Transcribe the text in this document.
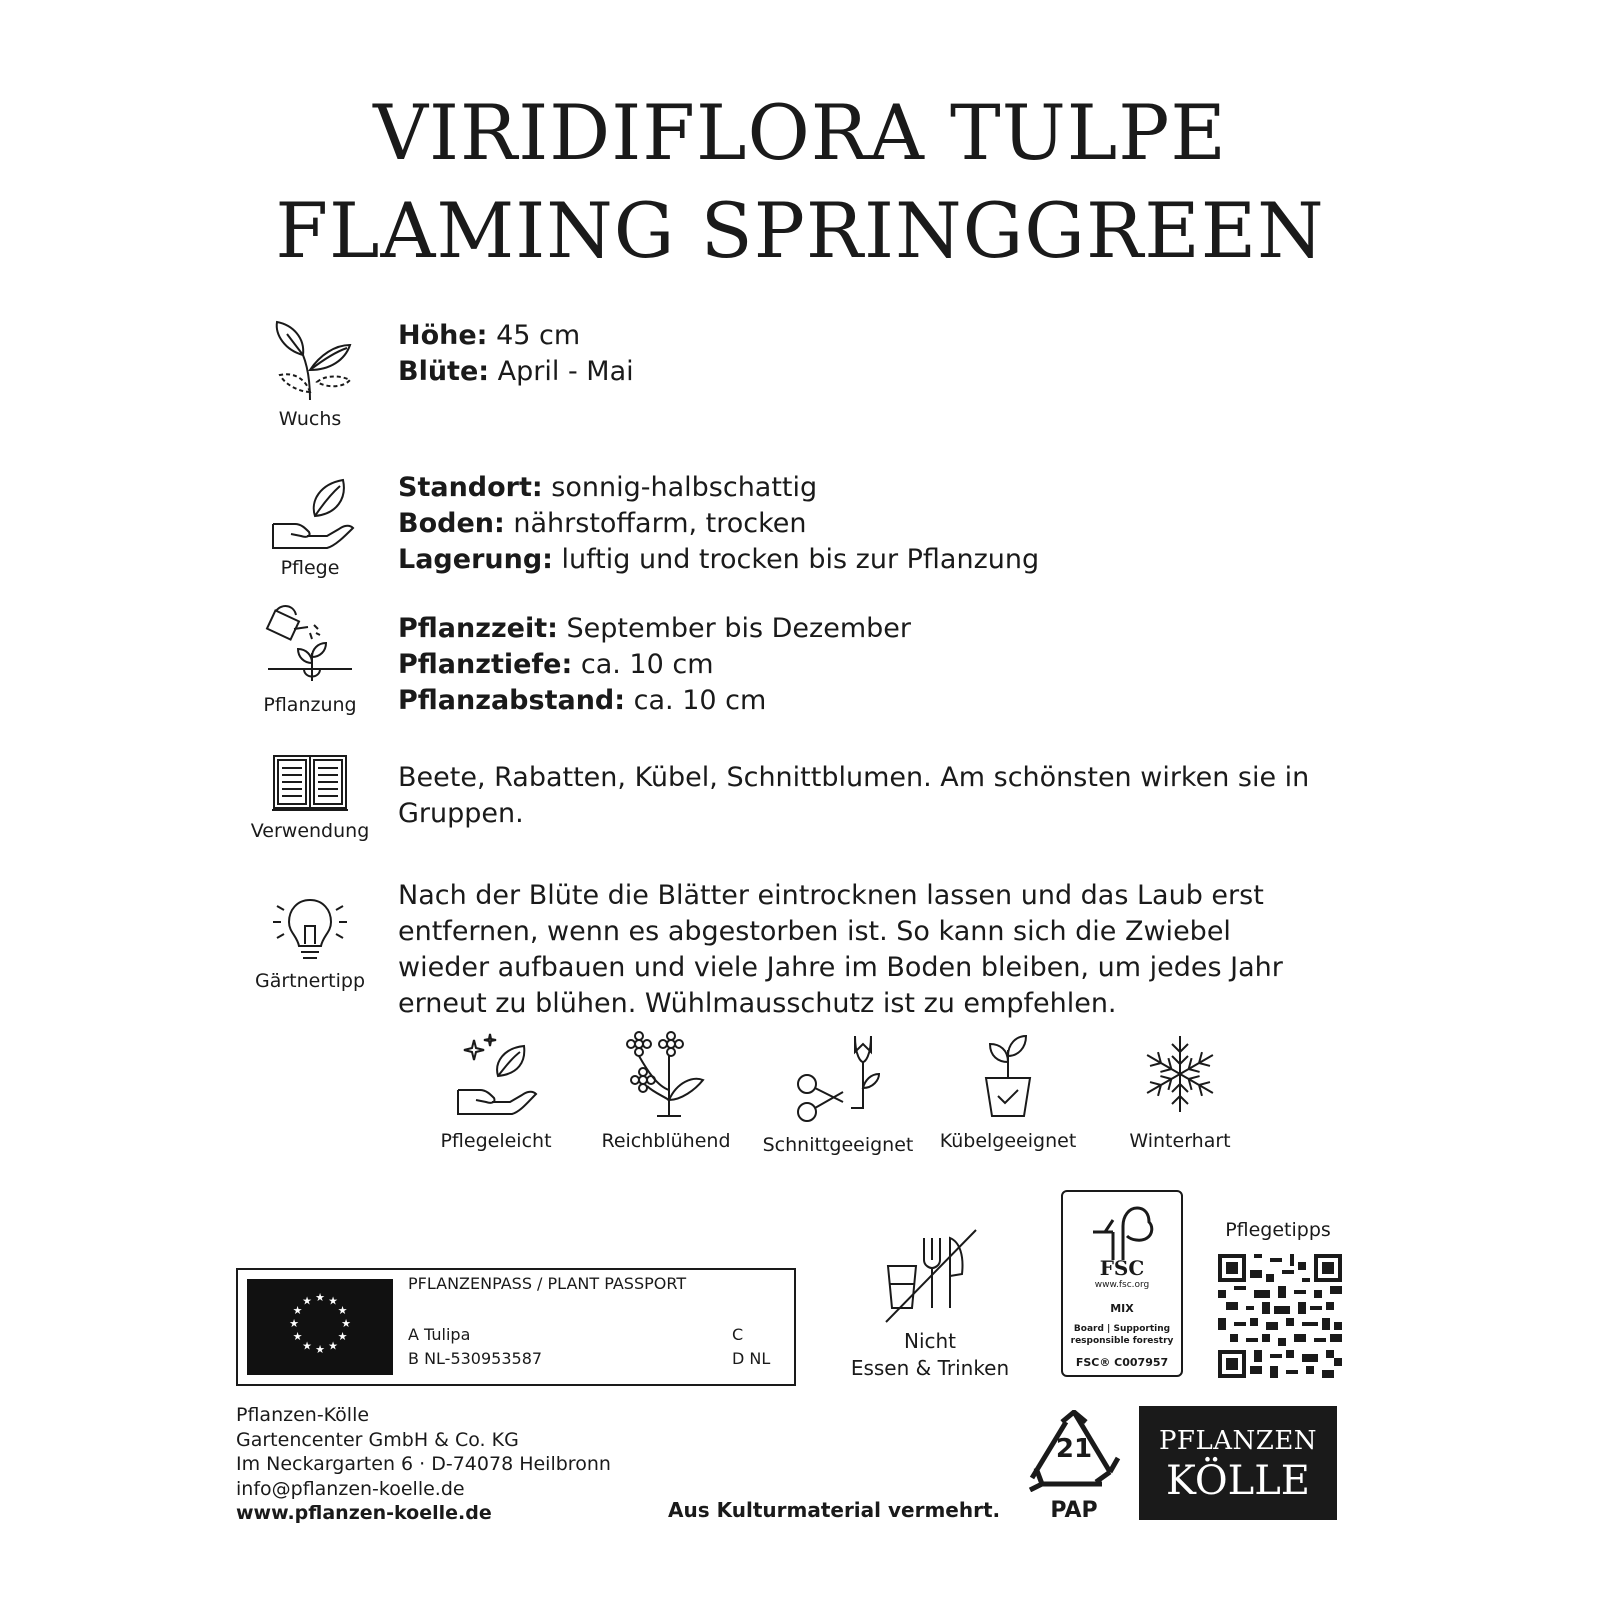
VIRIDIFLORA TULPE
FLAMING SPRINGGREEN
Wuchs
Höhe: 45 cm
Blüte: April - Mai
Pflege
Standort: sonnig-halbschattig
Boden: nährstoffarm, trocken
Lagerung: luftig und trocken bis zur Pflanzung
Pflanzung
Pflanzzeit: September bis Dezember
Pflanztiefe: ca. 10 cm
Pflanzabstand: ca. 10 cm
Verwendung
Beete, Rabatten, Kübel, Schnittblumen. Am schönsten wirken sie in Gruppen.
Gärtnertipp
Nach der Blüte die Blätter eintrocknen lassen und das Laub erst entfernen, wenn es abgestorben ist. So kann sich die Zwiebel wieder aufbauen und viele Jahre im Boden bleiben, um jedes Jahr erneut zu blühen. Wühlmausschutz ist zu empfehlen.
Pflegeleicht	Reichblühend	Schnittgeeignet	Kübelgeeignet	Winterhart
★ ★
★
★
★
★
★
★
★
★
★
★
PFLANZENPASS / PLANT PASSPORT
A Tulipa
B NL-530953587
C
D NL
Nicht
Essen & Trinken
FSC
www.fsc.org
MIX
Board | Supporting
responsible forestry
FSC® C007957
Pflegetipps
Pflanzen-Kölle
Gartencenter GmbH & Co. KG
Im Neckargarten 6 · D-74078 Heilbronn
info@pflanzen-koelle.de
www.pflanzen-koelle.de	Aus Kulturmaterial vermehrt.
21
PAP
PFLANZEN
KÖLLE
